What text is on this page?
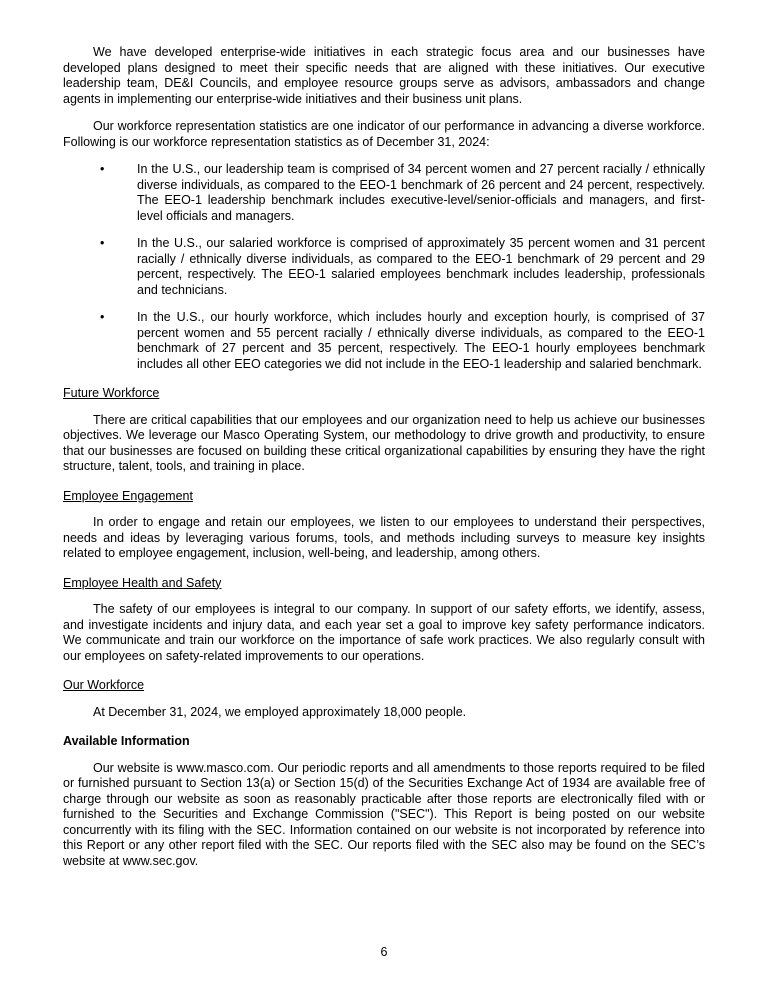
We have developed enterprise-wide initiatives in each strategic focus area and our businesses have developed plans designed to meet their specific needs that are aligned with these initiatives. Our executive leadership team, DE&I Councils, and employee resource groups serve as advisors, ambassadors and change agents in implementing our enterprise-wide initiatives and their business unit plans.

Our workforce representation statistics are one indicator of our performance in advancing a diverse workforce. Following is our workforce representation statistics as of December 31, 2024:

•	In the U.S., our leadership team is comprised of 34 percent women and 27 percent racially / ethnically diverse individuals, as compared to the EEO-1 benchmark of 26 percent and 24 percent, respectively. The EEO-1 leadership benchmark includes executive-level/senior-officials and managers, and first-level officials and managers.
•	In the U.S., our salaried workforce is comprised of approximately 35 percent women and 31 percent racially / ethnically diverse individuals, as compared to the EEO-1 benchmark of 29 percent and 29 percent, respectively. The EEO-1 salaried employees benchmark includes leadership, professionals and technicians.
•	In the U.S., our hourly workforce, which includes hourly and exception hourly, is comprised of 37 percent women and 55 percent racially / ethnically diverse individuals, as compared to the EEO-1 benchmark of 27 percent and 35 percent, respectively. The EEO-1 hourly employees benchmark includes all other EEO categories we did not include in the EEO-1 leadership and salaried benchmark.
Future Workforce

There are critical capabilities that our employees and our organization need to help us achieve our businesses objectives. We leverage our Masco Operating System, our methodology to drive growth and productivity, to ensure that our businesses are focused on building these critical organizational capabilities by ensuring they have the right structure, talent, tools, and training in place.

Employee Engagement

In order to engage and retain our employees, we listen to our employees to understand their perspectives, needs and ideas by leveraging various forums, tools, and methods including surveys to measure key insights related to employee engagement, inclusion, well-being, and leadership, among others.

Employee Health and Safety

The safety of our employees is integral to our company. In support of our safety efforts, we identify, assess, and investigate incidents and injury data, and each year set a goal to improve key safety performance indicators. We communicate and train our workforce on the importance of safe work practices. We also regularly consult with our employees on safety-related improvements to our operations.

Our Workforce

At December 31, 2024, we employed approximately 18,000 people.

Available Information

Our website is www.masco.com. Our periodic reports and all amendments to those reports required to be filed or furnished pursuant to Section 13(a) or Section 15(d) of the Securities Exchange Act of 1934 are available free of charge through our website as soon as reasonably practicable after those reports are electronically filed with or furnished to the Securities and Exchange Commission ("SEC"). This Report is being posted on our website concurrently with its filing with the SEC. Information contained on our website is not incorporated by reference into this Report or any other report filed with the SEC. Our reports filed with the SEC also may be found on the SEC’s website at www.sec.gov.

6
